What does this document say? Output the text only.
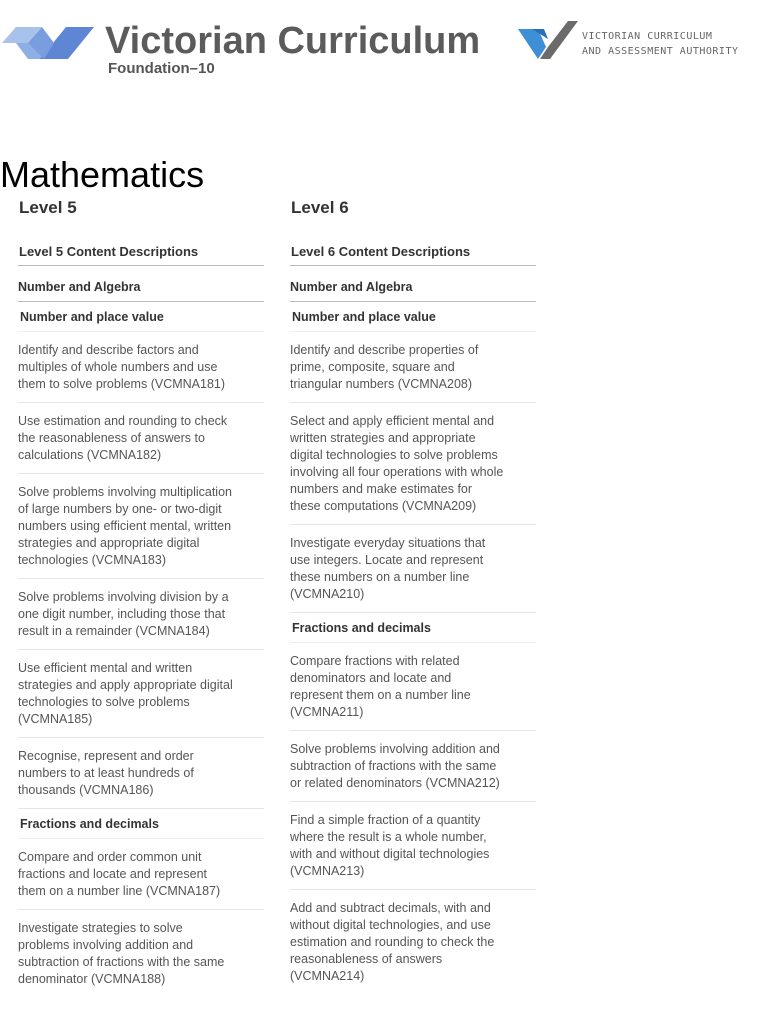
Victorian Curriculum
Foundation–10
VICTORIAN CURRICULUM
AND ASSESSMENT AUTHORITY
Mathematics
Level 5
Level 5 Content Descriptions
Number and Algebra
Number and place value
Identify and describe factors and
multiples of whole numbers and use
them to solve problems (VCMNA181)
Use estimation and rounding to check
the reasonableness of answers to
calculations (VCMNA182)
Solve problems involving multiplication
of large numbers by one- or two-digit
numbers using efficient mental, written
strategies and appropriate digital
technologies (VCMNA183)
Solve problems involving division by a
one digit number, including those that
result in a remainder (VCMNA184)
Use efficient mental and written
strategies and apply appropriate digital
technologies to solve problems
(VCMNA185)
Recognise, represent and order
numbers to at least hundreds of
thousands (VCMNA186)
Fractions and decimals
Compare and order common unit
fractions and locate and represent
them on a number line (VCMNA187)
Investigate strategies to solve
problems involving addition and
subtraction of fractions with the same
denominator (VCMNA188)
Level 6
Level 6 Content Descriptions
Number and Algebra
Number and place value
Identify and describe properties of
prime, composite, square and
triangular numbers (VCMNA208)
Select and apply efficient mental and
written strategies and appropriate
digital technologies to solve problems
involving all four operations with whole
numbers and make estimates for
these computations (VCMNA209)
Investigate everyday situations that
use integers. Locate and represent
these numbers on a number line
(VCMNA210)
Fractions and decimals
Compare fractions with related
denominators and locate and
represent them on a number line
(VCMNA211)
Solve problems involving addition and
subtraction of fractions with the same
or related denominators (VCMNA212)
Find a simple fraction of a quantity
where the result is a whole number,
with and without digital technologies
(VCMNA213)
Add and subtract decimals, with and
without digital technologies, and use
estimation and rounding to check the
reasonableness of answers
(VCMNA214)
